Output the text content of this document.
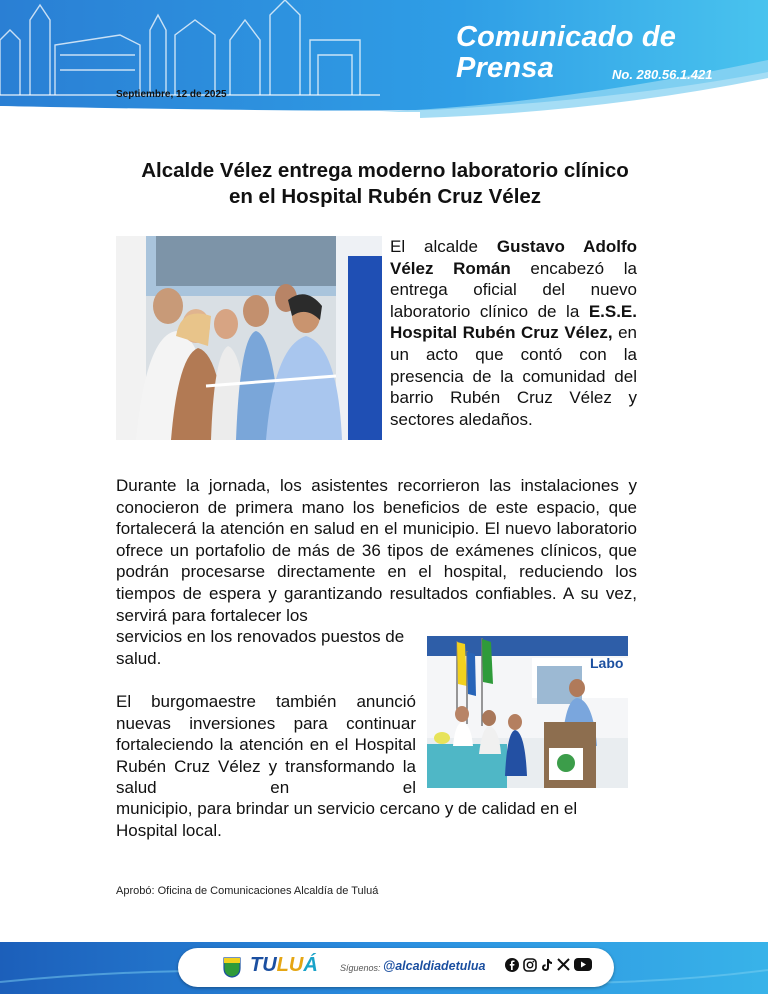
Comunicado de
Prensa	No. 280.56.1.421
Septiembre, 12 de 2025
Alcalde Vélez entrega moderno laboratorio clínico
en el Hospital Rubén Cruz Vélez
El alcalde Gustavo Adolfo Vélez Román encabezó la entrega oficial del nuevo laboratorio clínico de la E.S.E. Hospital Rubén Cruz Vélez, en un acto que contó con la presencia de la comunidad del barrio Rubén Cruz Vélez y sectores aledaños.
Durante la jornada, los asistentes recorrieron las instalaciones y conocieron de primera mano los beneficios de este espacio, que fortalecerá la atención en salud en el municipio. El nuevo laboratorio ofrece un portafolio de más de 36 tipos de exámenes clínicos, que podrán procesarse directamente en el hospital, reduciendo los tiempos de espera y garantizando resultados confiables. A su vez, servirá para fortalecer los
servicios en los renovados puestos de salud.	Labo
El burgomaestre también anunció nuevas inversiones para continuar fortaleciendo la atención en el Hospital Rubén Cruz Vélez y transformando la salud en el
municipio, para brindar un servicio cercano y de calidad en el Hospital local.
Aprobó: Oficina de Comunicaciones Alcaldía de Tuluá
TULUÁ Síguenos: @alcaldiadetulua
